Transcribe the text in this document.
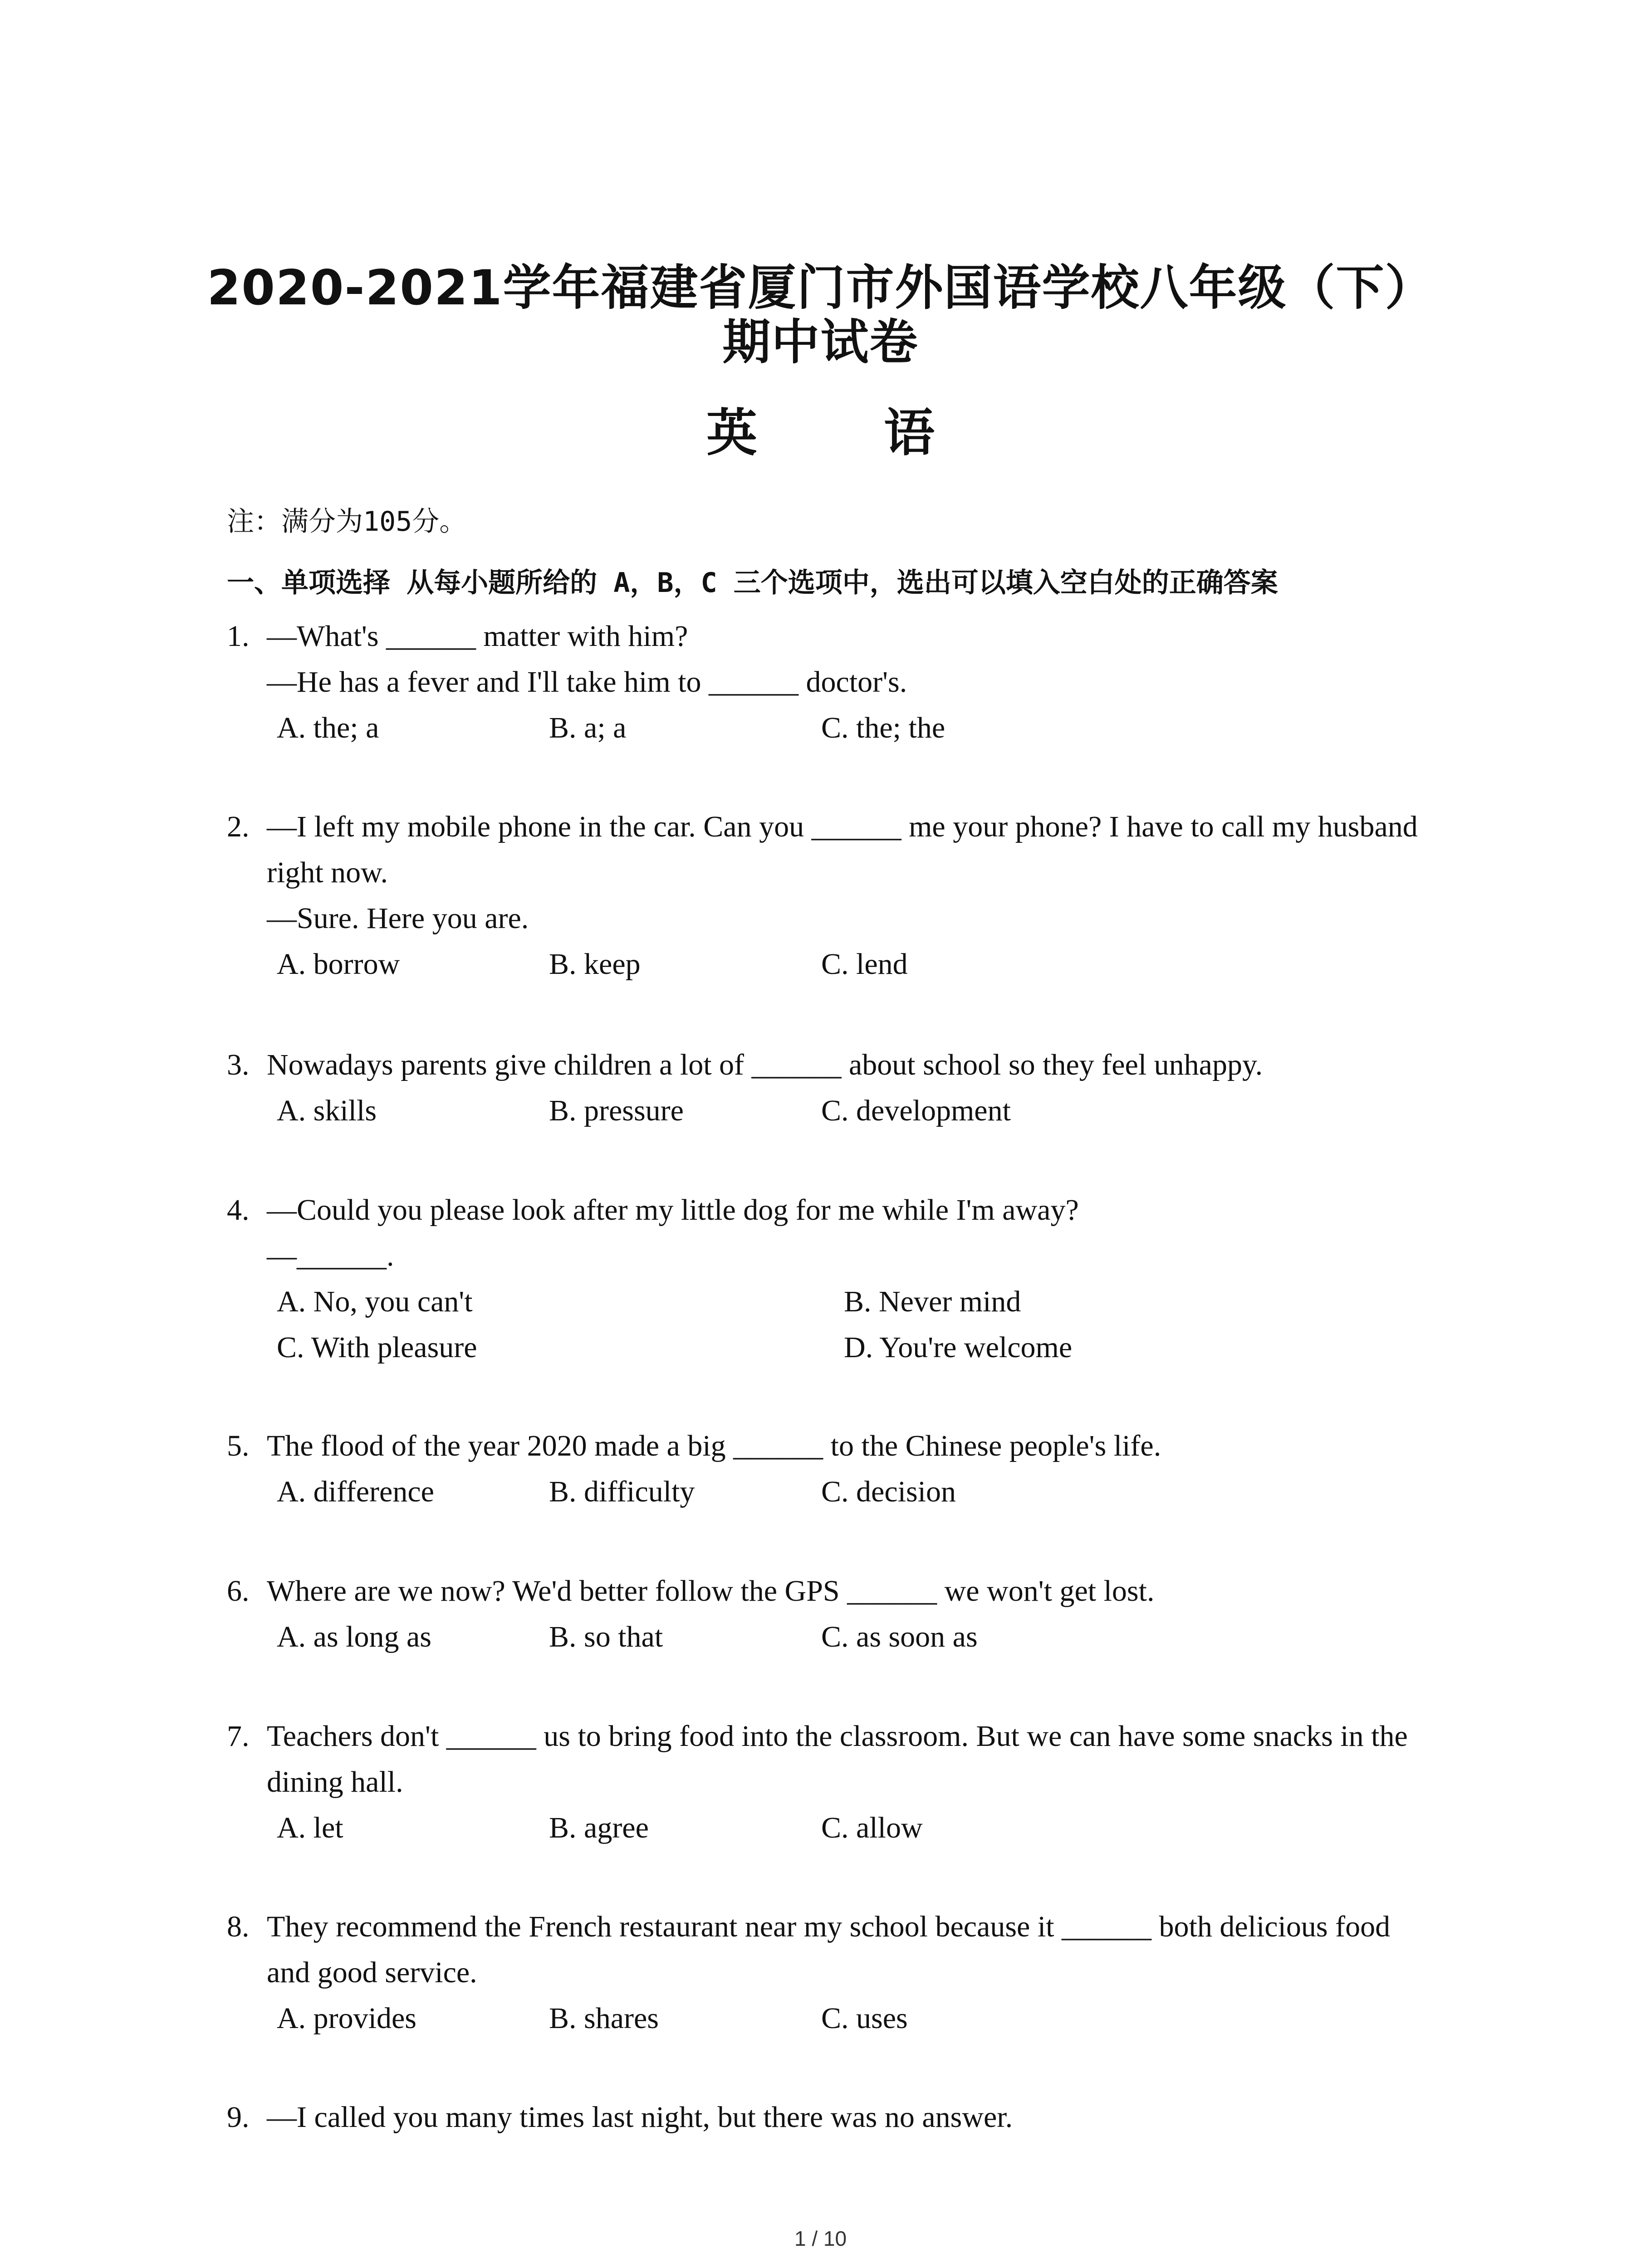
2020-2021学年福建省厦门市外国语学校八年级（下）
期中试卷
英 语
注：满分为105分。
一、单项选择 从每小题所给的 A，B，C 三个选项中，选出可以填入空白处的正确答案
1. —What's ______ matter with him?
—He has a fever and I'll take him to ______ doctor's.
A. the; a	B. a; a	C. the; the
2. —I left my mobile phone in the car. Can you ______ me your phone? I have to call my husband
right now.
—Sure. Here you are.
A. borrow	B. keep	C. lend
3. Nowadays parents give children a lot of ______ about school so they feel unhappy.
A. skills	B. pressure	C. development
4. —Could you please look after my little dog for me while I'm away?
—______.
A. No, you can't	B. Never mind
C. With pleasure	D. You're welcome
5. The flood of the year 2020 made a big ______ to the Chinese people's life.
A. difference	B. difficulty	C. decision
6. Where are we now? We'd better follow the GPS ______ we won't get lost.
A. as long as	B. so that	C. as soon as
7. Teachers don't ______ us to bring food into the classroom. But we can have some snacks in the
dining hall.
A. let	B. agree	C. allow
8. They recommend the French restaurant near my school because it ______ both delicious food
and good service.
A. provides	B. shares	C. uses
9. —I called you many times last night, but there was no answer.
1 / 10
